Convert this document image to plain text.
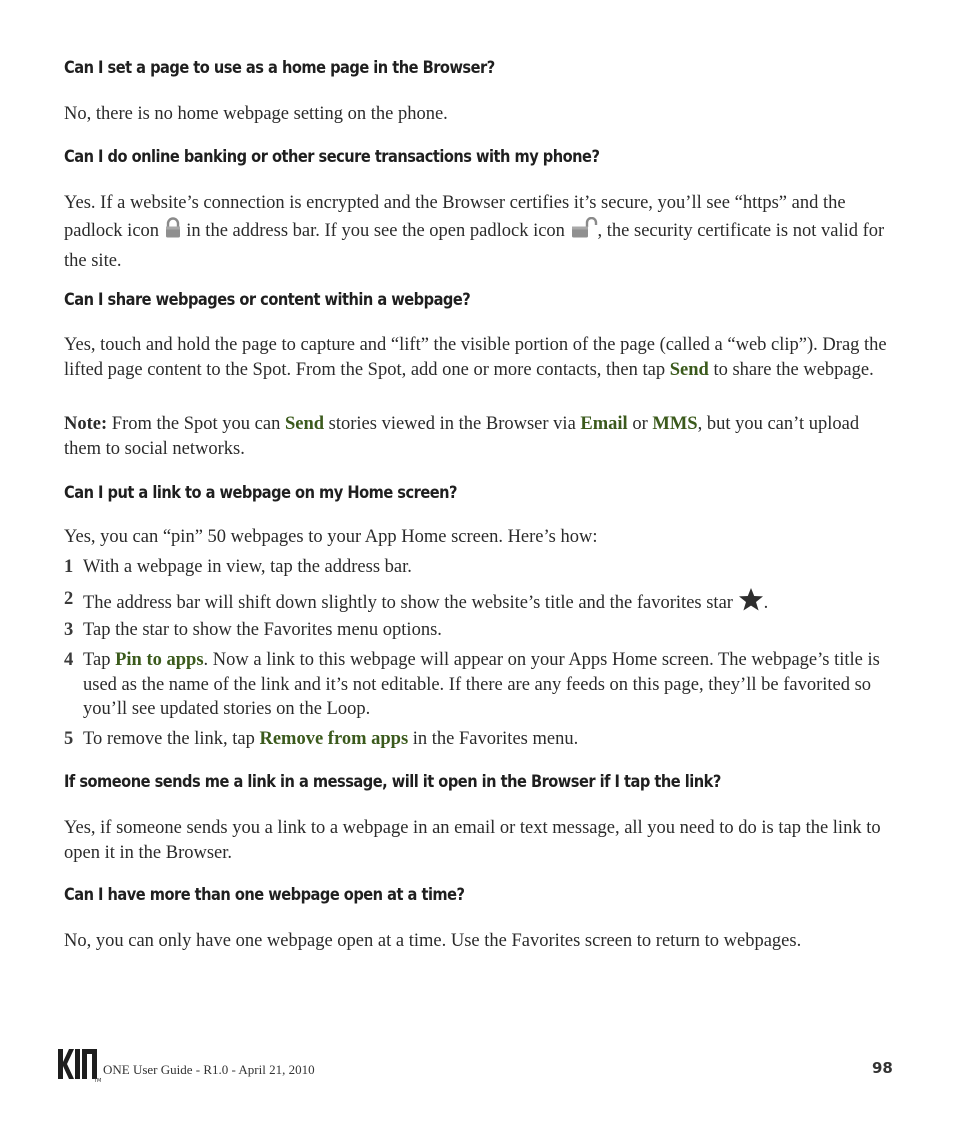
Can I set a page to use as a home page in the Browser?

No, there is no home webpage setting on the phone.

Can I do online banking or other secure transactions with my phone?

Yes. If a website’s connection is encrypted and the Browser certifies it’s secure, you’ll see “https” and the padlock icon in the address bar. If you see the open padlock icon , the security certificate is not valid for the site.

Can I share webpages or content within a webpage?

Yes, touch and hold the page to capture and “lift” the visible portion of the page (called a “web clip”). Drag the lifted page content to the Spot. From the Spot, add one or more contacts, then tap Send to share the webpage.

Note: From the Spot you can Send stories viewed in the Browser via Email or MMS, but you can’t upload them to social networks.

Can I put a link to a webpage on my Home screen?

Yes, you can “pin” 50 webpages to your App Home screen. Here’s how:

1 With a webpage in view, tap the address bar.
2 The address bar will shift down slightly to show the website’s title and the favorites star .
3 Tap the star to show the Favorites menu options.
4 Tap Pin to apps. Now a link to this webpage will appear on your Apps Home screen. The webpage’s title is used as the name of the link and it’s not editable. If there are any feeds on this page, they’ll be favorited so you’ll see updated stories on the Loop.
5 To remove the link, tap Remove from apps in the Favorites menu.
If someone sends me a link in a message, will it open in the Browser if I tap the link?

Yes, if someone sends you a link to a webpage in an email or text message, all you need to do is tap the link to open it in the Browser.

Can I have more than one webpage open at a time?

No, you can only have one webpage open at a time. Use the Favorites screen to return to webpages.

TM
ONE User Guide - R1.0 - April 21, 2010	98
